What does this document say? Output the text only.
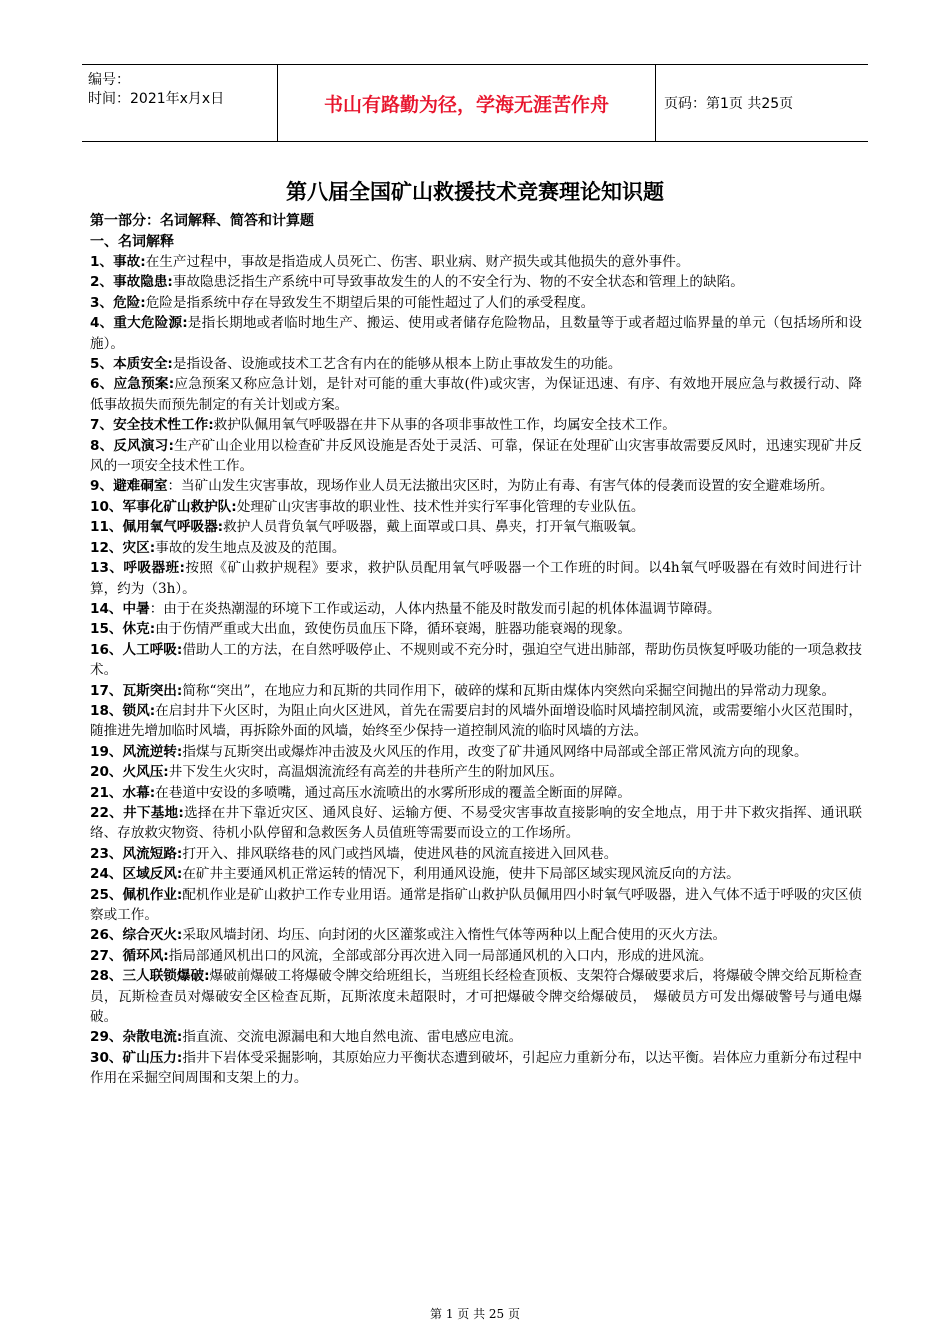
编号：
时间：2021年x月x日	书山有路勤为径，学海无涯苦作舟	页码：第1页 共25页
第八届全国矿山救援技术竞赛理论知识题
第一部分：名词解释、简答和计算题
一、名词解释

1、事故:在生产过程中，事故是指造成人员死亡、伤害、职业病、财产损失或其他损失的意外事件。

2、事故隐患:事故隐患泛指生产系统中可导致事故发生的人的不安全行为、物的不安全状态和管理上的缺陷。

3、危险:危险是指系统中存在导致发生不期望后果的可能性超过了人们的承受程度。

4、重大危险源:是指长期地或者临时地生产、搬运、使用或者储存危险物品，且数量等于或者超过临界量的单元（包括场所和设施）。

5、本质安全:是指设备、设施或技术工艺含有内在的能够从根本上防止事故发生的功能。

6、应急预案:应急预案又称应急计划，是针对可能的重大事故(件)或灾害，为保证迅速、有序、有效地开展应急与救援行动、降低事故损失而预先制定的有关计划或方案。

7、安全技术性工作:救护队佩用氧气呼吸器在井下从事的各项非事故性工作，均属安全技术工作。

8、反风演习:生产矿山企业用以检查矿井反风设施是否处于灵活、可靠，保证在处理矿山灾害事故需要反风时，迅速实现矿井反风的一项安全技术性工作。

9、避难硐室：当矿山发生灾害事故，现场作业人员无法撤出灾区时，为防止有毒、有害气体的侵袭而设置的安全避难场所。

10、军事化矿山救护队:处理矿山灾害事故的职业性、技术性并实行军事化管理的专业队伍。

11、佩用氧气呼吸器:救护人员背负氧气呼吸器，戴上面罩或口具、鼻夹，打开氧气瓶吸氧。

12、灾区:事故的发生地点及波及的范围。

13、呼吸器班:按照《矿山救护规程》要求，救护队员配用氧气呼吸器一个工作班的时间。以4h氧气呼吸器在有效时间进行计算，约为（3h）。

14、中暑：由于在炎热潮湿的环境下工作或运动，人体内热量不能及时散发而引起的机体体温调节障碍。

15、休克:由于伤情严重或大出血，致使伤员血压下降，循环衰竭，脏器功能衰竭的现象。

16、人工呼吸:借助人工的方法，在自然呼吸停止、不规则或不充分时，强迫空气进出肺部，帮助伤员恢复呼吸功能的一项急救技术。

17、瓦斯突出:简称“突出”，在地应力和瓦斯的共同作用下，破碎的煤和瓦斯由煤体内突然向采掘空间抛出的异常动力现象。

18、锁风:在启封井下火区时，为阻止向火区进风，首先在需要启封的风墙外面增设临时风墙控制风流，或需要缩小火区范围时，随推进先增加临时风墙，再拆除外面的风墙，始终至少保持一道控制风流的临时风墙的方法。

19、风流逆转:指煤与瓦斯突出或爆炸冲击波及火风压的作用，改变了矿井通风网络中局部或全部正常风流方向的现象。

20、火风压:井下发生火灾时，高温烟流流经有高差的井巷所产生的附加风压。

21、水幕:在巷道中安设的多喷嘴，通过高压水流喷出的水雾所形成的覆盖全断面的屏障。

22、井下基地:选择在井下靠近灾区、通风良好、运输方便、不易受灾害事故直接影响的安全地点，用于井下救灾指挥、通讯联络、存放救灾物资、待机小队停留和急救医务人员值班等需要而设立的工作场所。

23、风流短路:打开入、排风联络巷的风门或挡风墙，使进风巷的风流直接进入回风巷。

24、区域反风:在矿井主要通风机正常运转的情况下，利用通风设施，使井下局部区域实现风流反向的方法。

25、佩机作业:配机作业是矿山救护工作专业用语。通常是指矿山救护队员佩用四小时氧气呼吸器，进入气体不适于呼吸的灾区侦察或工作。

26、综合灭火:采取风墙封闭、均压、向封闭的火区灌浆或注入惰性气体等两种以上配合使用的灭火方法。

27、循环风:指局部通风机出口的风流，全部或部分再次进入同一局部通风机的入口内，形成的进风流。

28、三人联锁爆破:爆破前爆破工将爆破令牌交给班组长，当班组长经检查顶板、支架符合爆破要求后，将爆破令牌交给瓦斯检查员，瓦斯检查员对爆破安全区检查瓦斯，瓦斯浓度未超限时，才可把爆破令牌交给爆破员，　爆破员方可发出爆破警号与通电爆破。

29、杂散电流:指直流、交流电源漏电和大地自然电流、雷电感应电流。

30、矿山压力:指井下岩体受采掘影响，其原始应力平衡状态遭到破坏，引起应力重新分布，以达平衡。岩体应力重新分布过程中作用在采掘空间周围和支架上的力。

第 1 页 共 25 页
